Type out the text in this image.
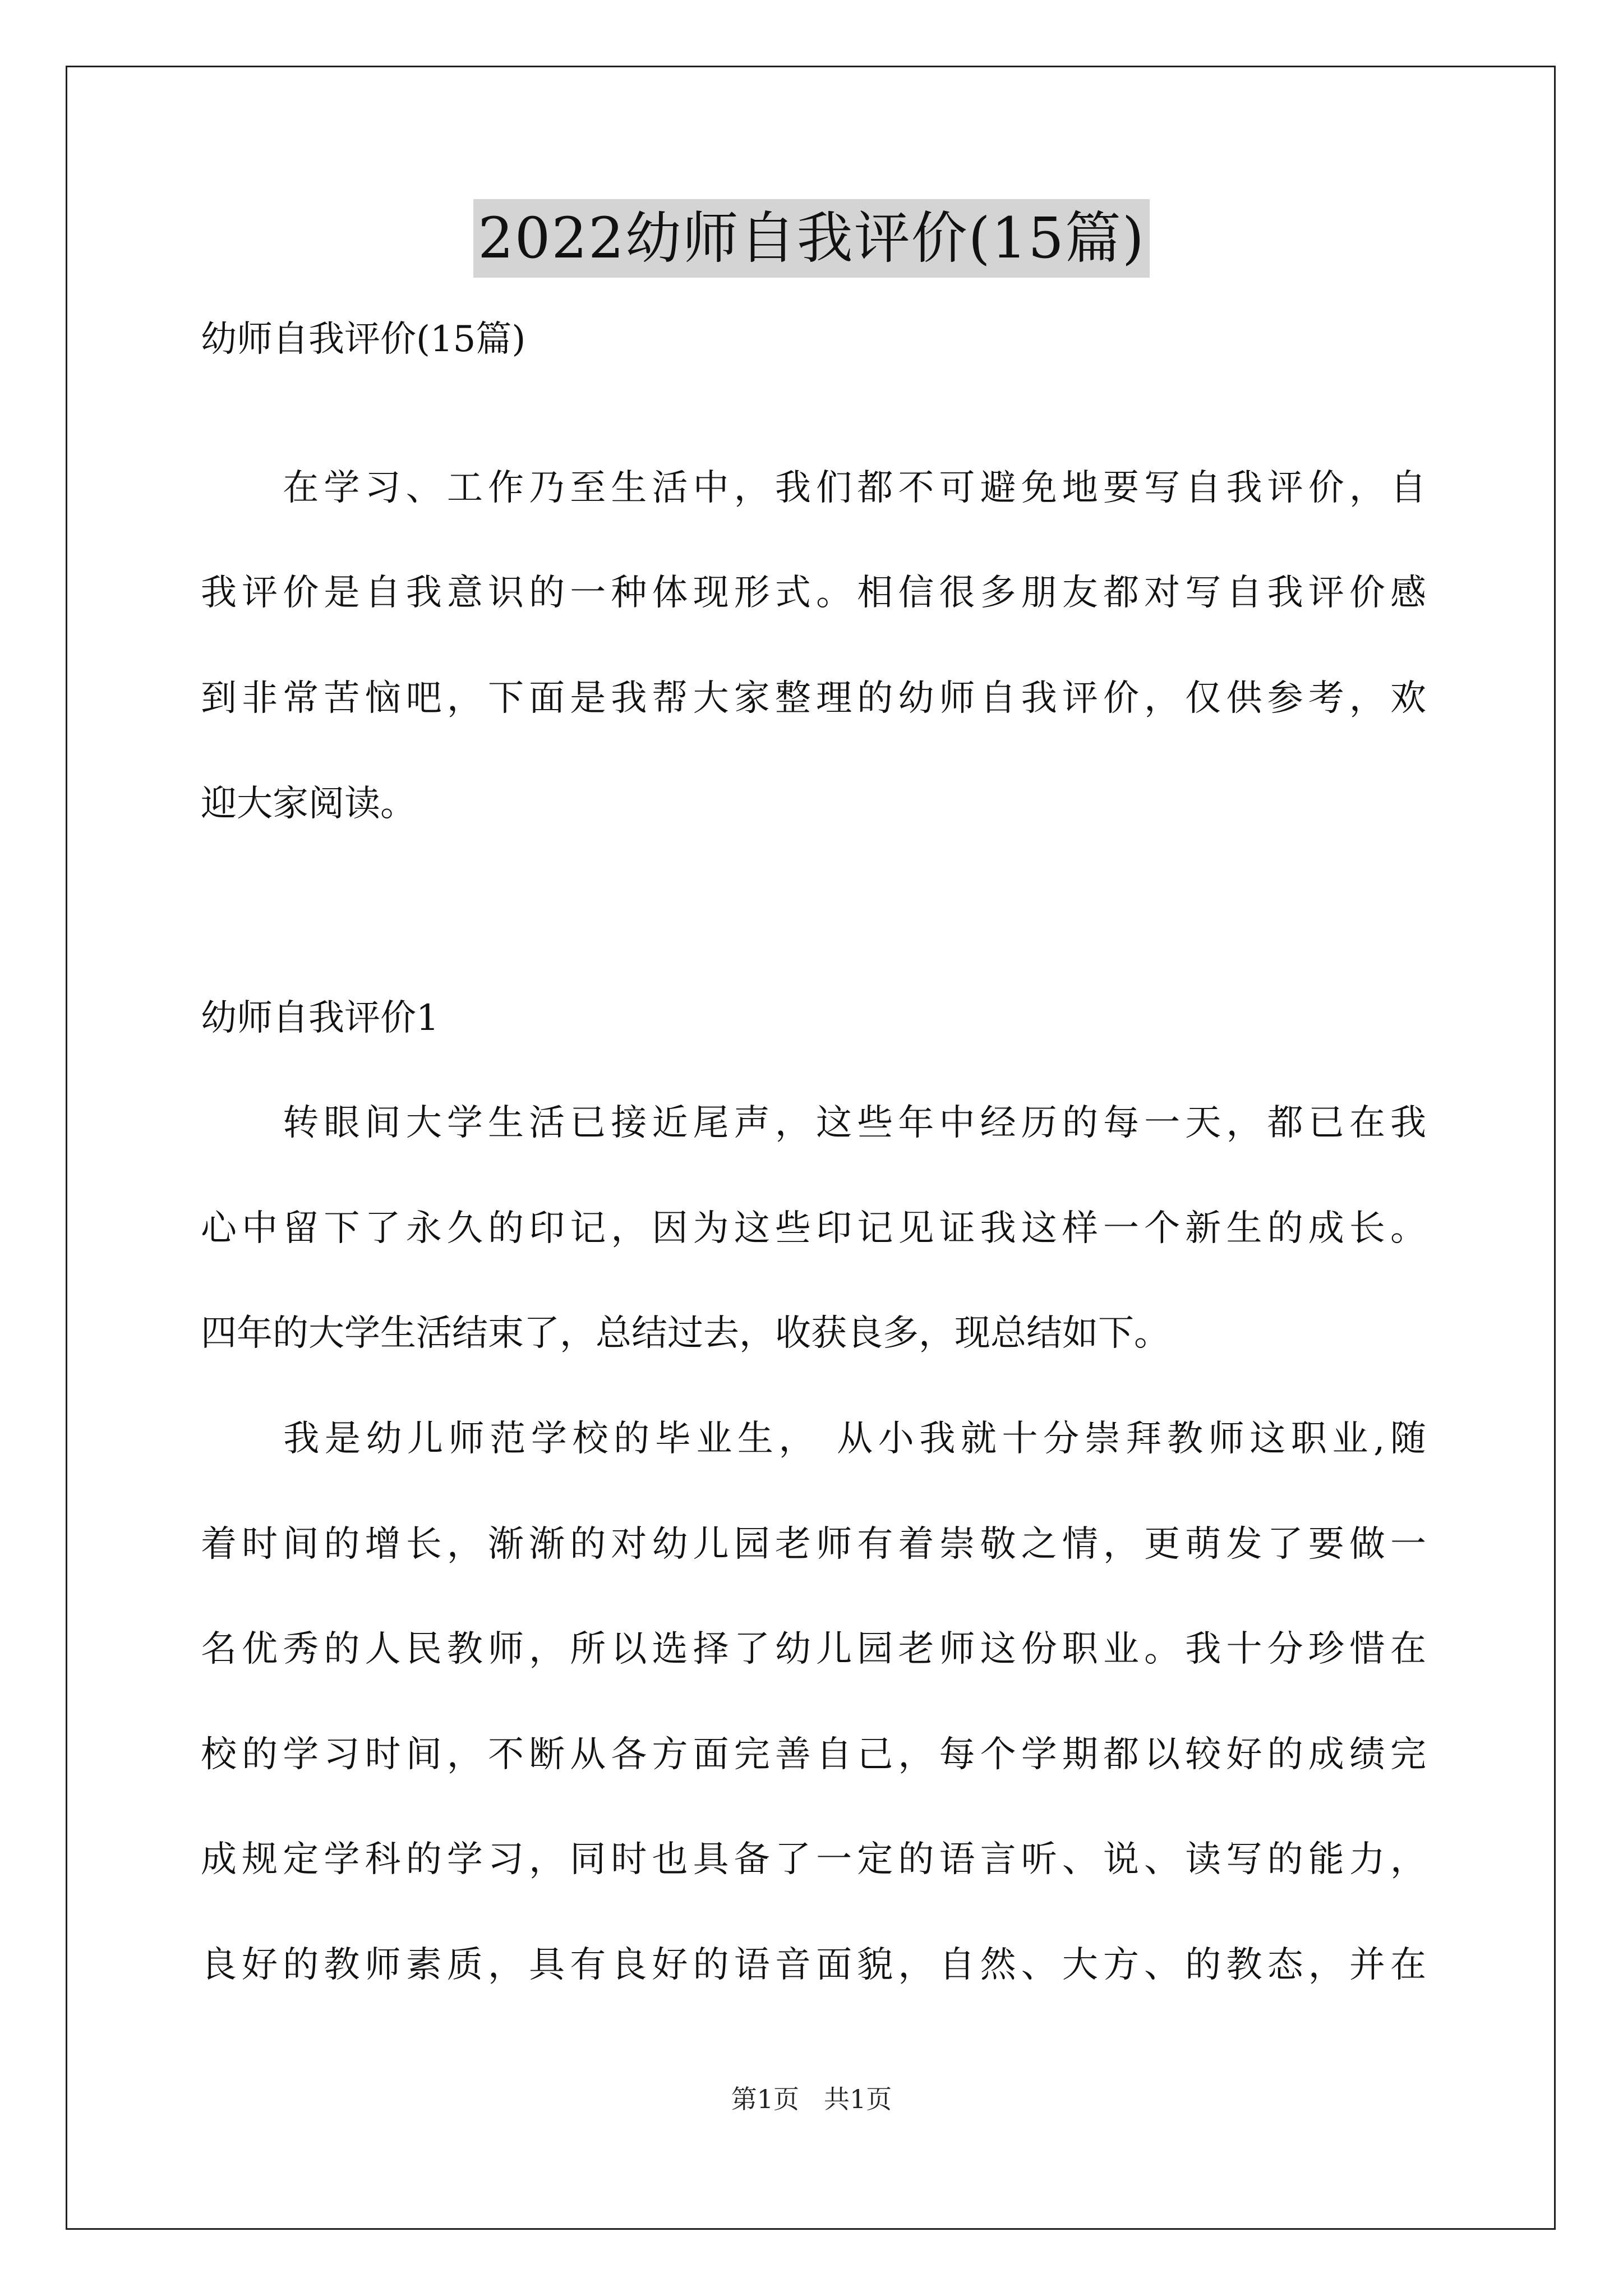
2022幼师自我评价(15篇)
幼师自我评价(15篇)
　　在学习、工作乃至生活中，我们都不可避免地要写自我评价，自
我评价是自我意识的一种体现形式。相信很多朋友都对写自我评价感
到非常苦恼吧，下面是我帮大家整理的幼师自我评价，仅供参考，欢
迎大家阅读。
幼师自我评价1
　　转眼间大学生活已接近尾声，这些年中经历的每一天，都已在我
心中留下了永久的印记，因为这些印记见证我这样一个新生的成长。
四年的大学生活结束了，总结过去，收获良多，现总结如下。
　　我是幼儿师范学校的毕业生， 从小我就十分崇拜教师这职业,随
着时间的增长，渐渐的对幼儿园老师有着崇敬之情，更萌发了要做一
名优秀的人民教师，所以选择了幼儿园老师这份职业。我十分珍惜在
校的学习时间，不断从各方面完善自己，每个学期都以较好的成绩完
成规定学科的学习，同时也具备了一定的语言听、说、读写的能力，
良好的教师素质，具有良好的语音面貌，自然、大方、的教态，并在
第1页 共1页
